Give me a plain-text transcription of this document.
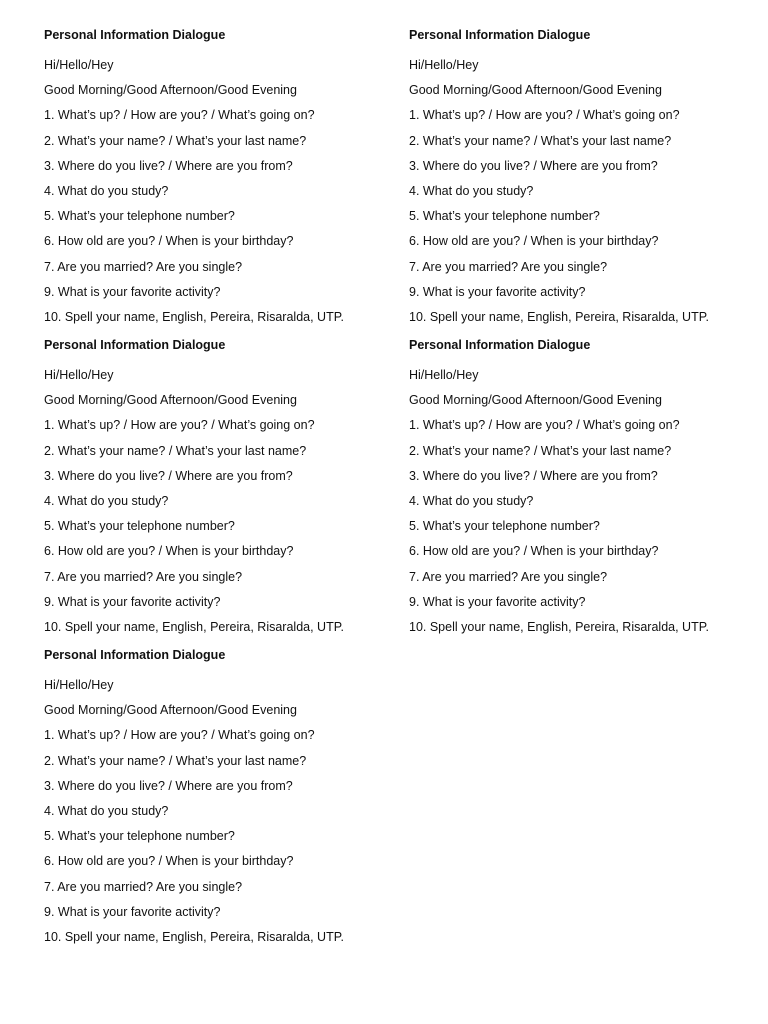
Personal Information Dialogue

Hi/Hello/Hey

Good Morning/Good Afternoon/Good Evening

1. What’s up? / How are you? / What’s going on?

2. What’s your name? / What’s your last name?

3. Where do you live? / Where are you from?

4. What do you study?

5. What’s your telephone number?

6. How old are you? / When is your birthday?

7. Are you married? Are you single?

9. What is your favorite activity?

10. Spell your name, English, Pereira, Risaralda, UTP.

Personal Information Dialogue

Hi/Hello/Hey

Good Morning/Good Afternoon/Good Evening

1. What’s up? / How are you? / What’s going on?

2. What’s your name? / What’s your last name?

3. Where do you live? / Where are you from?

4. What do you study?

5. What’s your telephone number?

6. How old are you? / When is your birthday?

7. Are you married? Are you single?

9. What is your favorite activity?

10. Spell your name, English, Pereira, Risaralda, UTP.

Personal Information Dialogue

Hi/Hello/Hey

Good Morning/Good Afternoon/Good Evening

1. What’s up? / How are you? / What’s going on?

2. What’s your name? / What’s your last name?

3. Where do you live? / Where are you from?

4. What do you study?

5. What’s your telephone number?

6. How old are you? / When is your birthday?

7. Are you married? Are you single?

9. What is your favorite activity?

10. Spell your name, English, Pereira, Risaralda, UTP.

Personal Information Dialogue

Hi/Hello/Hey

Good Morning/Good Afternoon/Good Evening

1. What’s up? / How are you? / What’s going on?

2. What’s your name? / What’s your last name?

3. Where do you live? / Where are you from?

4. What do you study?

5. What’s your telephone number?

6. How old are you? / When is your birthday?

7. Are you married? Are you single?

9. What is your favorite activity?

10. Spell your name, English, Pereira, Risaralda, UTP.

Personal Information Dialogue

Hi/Hello/Hey

Good Morning/Good Afternoon/Good Evening

1. What’s up? / How are you? / What’s going on?

2. What’s your name? / What’s your last name?

3. Where do you live? / Where are you from?

4. What do you study?

5. What’s your telephone number?

6. How old are you? / When is your birthday?

7. Are you married? Are you single?

9. What is your favorite activity?

10. Spell your name, English, Pereira, Risaralda, UTP.
